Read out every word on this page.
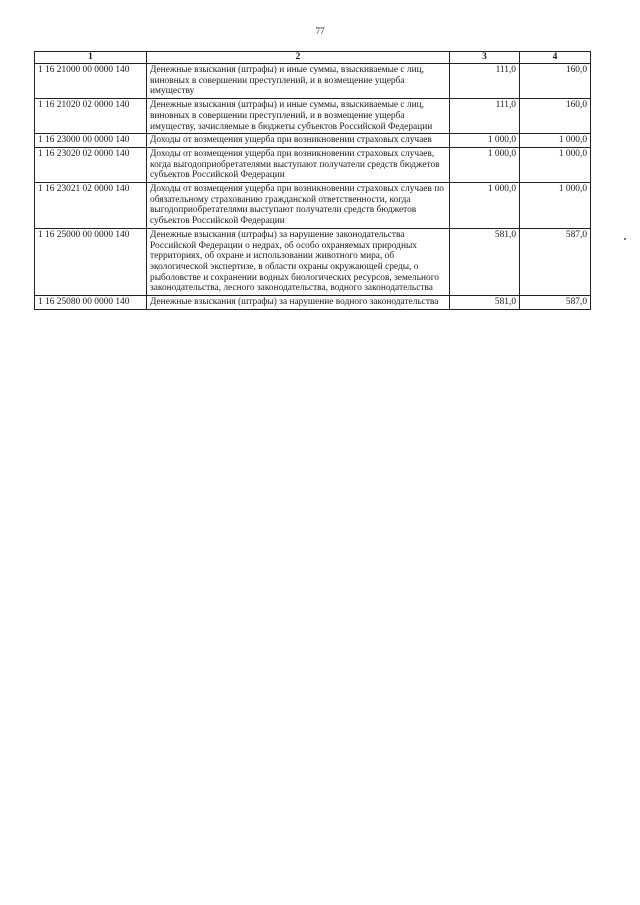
77
1	2	3	4
1 16 21000 00 0000 140	Денежные взыскания (штрафы) и иные суммы, взыскиваемые с лиц, виновных в совершении преступлений, и в возмещение ущерба имуществу	111,0	160,0
1 16 21020 02 0000 140	Денежные взыскания (штрафы) и иные суммы, взыскиваемые с лиц, виновных в совершении преступлений, и в возмещение ущерба имуществу, зачисляемые в бюджеты субъектов Российской Федерации	111,0	160,0
1 16 23000 00 0000 140	Доходы от возмещения ущерба при возникновении страховых случаев	1 000,0	1 000,0
1 16 23020 02 0000 140	Доходы от возмещения ущерба при возникновении страховых случаев, когда выгодоприобретателями выступают получатели средств бюджетов субъектов Российской Федерации	1 000,0	1 000,0
1 16 23021 02 0000 140	Доходы от возмещения ущерба при возникновении страховых случаев по обязательному страхованию гражданской ответственности, когда выгодоприобретателями выступают получатели средств бюджетов субъектов Российской Федерации	1 000,0	1 000,0
1 16 25000 00 0000 140	Денежные взыскания (штрафы) за нарушение законодательства Российской Федерации о недрах, об особо охраняемых природных территориях, об охране и использовании животного мира, об экологической экспертизе, в области охраны окружающей среды, о рыболовстве и сохранении водных биологических ресурсов, земельного законодательства, лесного законодательства, водного законодательства	581,0	587,0
1 16 25080 00 0000 140	Денежные взыскания (штрафы) за нарушение водного законодательства	581,0	587,0
